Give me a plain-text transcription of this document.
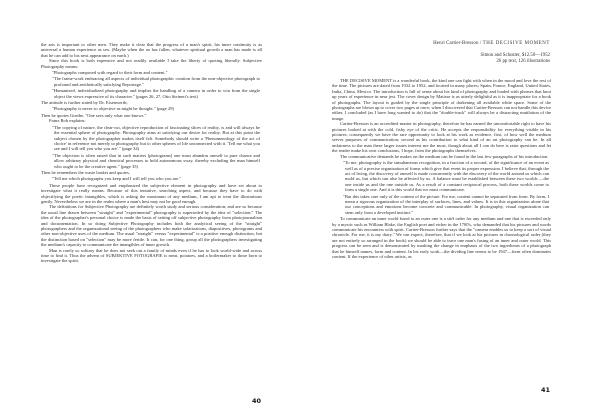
the arts is important to other men. They make it clear that the progress of a man's spirit, his inner continuity is as universal a human experience as sex. (Maybe when the ax has fallen, whatever spiritual growth a man has made is all that he can add to his next appearance on earth.)

Since this book is both expensive and not readily available I take the liberty of quoting liberally. Subjective Photography means:

"Photographs composed with regard to their form and content."

"The frame-work embracing all aspects of individual photographic creation from the non-objective photograph to profound and aesthetically satisfying Reportage."

"Humanized, individualized photography and implies the handling of a camera in order to win from the single object the views expressive of its character." (pages 26, 27, Otto Steinert's text)

The attitude is further stated by Dr. Eisenwerth;

"Photography is never so objective as might be thought." (page 29)

Then he quotes Goethe, "One sees only what one knows."

Franz Roh explains:

"The copying of nature, the clear-cut, objective reproduction of fascinating slices of reality, is and will always be the essential sphere of photography. Photography aims at satisfying our desire for reality. But at this point the subject chosen by the photographer makes itself felt. Somebody should write a 'Phenomenology of the act of choice' in reference not merely to photography but to other spheres of life unconnected with it. 'Tell me what you see and I will tell you who you are'." (page 34)

"The objection is often raised that in such matters [photograms] one must abandon oneself to pure chance and allow arbitrary physical and chemical processes to hold autonomous sway, thereby excluding the man himself who ought to be the creative agent." (page 35)

Then he remembers the waste basket and quotes,

"Tell me which photographs you keep and I will tell you who you are."

These people have recognized and emphasized the subjective element in photography and have set about to investigate what it really means. Because of this tentative, searching aspect, and because they have to do with objectifying the poetic intangibles, which is asking the maximum of any medium, I am apt to treat the illustrations gently. Nevertheless we are in the realm where a man's best may not be good enough.

The definitions for Subjective Photography are definitely worth study and serious consideration; and are so because the usual line drawn between "straight" and "experimental" photography is superseded by the idea of "selection." The idea of the photographer's personal choice is made the basis of setting off subjective photography from photojournalism and documentation. In so doing Subjective Photography includes both the analytical seeing of the "straight" photographers and the organizational seeing of the photographers who make solarizations, diapositives, photograms and other non-objective uses of the medium. The usual "straight" versus "experimental" is a positive enough distinction, but the distinction based on "selection" may be more fertile. It can, for one thing, group all the photographers investigating the medium's capacity to communicate the intangibles of inner growth.

Man is rarely so solitary that he does not seek out a family of minds even if he has to look world-wide and across time to find it. Thus the advent of SUBJEKTIVE FOTOGRAFIE is meat, potatoes, and a boilermaker to those born to investigate the spirit.

40
Henri Cartier-Bresson / THE DECISIVE MOMENT
Simon and Schuster, $12.50—1952
26 pp text, 126 illustrations

THE DECISIVE MOMENT is a wonderful book, the kind one can fight with when in the mood and love the rest of the time. The pictures are dated from 1932 to 1952, and located in many places; Spain, France, England, United States, India, China, Mexico. The introduction is full of sense about his kind of photography and loaded with phrases that knot up years of experience in near jest. The cover design by Matisse is as utterly delightful as it is inappropriate for a book of photographs. The layout is guided by the single principle of darkening all available white space. Some of the photographs are blown up to cover two pages at once; when I discovered that Cartier-Bresson can not handle this device either, I concluded (as I have long wanted to do) that the "double-truck" will always be a distracting mutilation of the image.

Cartier-Bresson is an accredited master in photography, therefore he has earned the uncomfortable right to have his pictures looked at with the cold, fishy eye of the critic. He accepts the responsibility for everything visible in his pictures; consequently we have the rare opportunity to look at his work as evidence, first, of how well the medium serves purposes of communication; second as his contribution to what kind of an art photography can be. In all unfairness to the man these larger issues interest me the most, though about all I can do here is raise questions and let the reader make his own conclusions, I hope, from the photographs themselves.

The communicative demands he makes on the medium can be found in the last few paragraphs of his introduction.

"To me, photography is the simultaneous recognition, in a fraction of a second, of the significance of an event as well as of a precise organization of forms which give that event its proper expression. I believe that, through the act of living, the discovery of oneself is made concurrently with the discovery of the world around us which can mold us, but which can also be affected by us. A balance must be established between these two worlds —the one inside us and the one outside us. As a result of a constant reciprocal process, both these worlds come to form a single one. And it is this world that we must communicate.

"But this takes care only of the content of the picture. For me, content cannot be separated from form. By form, I mean a rigorous organization of the interplay of surfaces, lines, and values. It is in this organization alone that our conceptions and emotions become concrete and communicable. In photography, visual organization can stem only from a developed instinct."

To communicate an inner world fused to an outer one is a stiff order for any medium and one that is exceeded only by a mystic such as William Blake, the English poet and etcher in the 1700's, who demanded that his pictures and words communicate his encounters with spirit. Cartier-Bresson further says that the "camera enables us to keep a sort of visual chronicle. For me, it is my diary." We can expect, therefore, that if we look at his pictures in chronological order (they are not entirely so arranged in the book) we should be able to trace one man's fusing of an inner and outer world. This progress can be seen and is demonstrated by marking the change in emphasis of the two ingredients of a photograph that he himself names, form and content. In his early work—the dividing line seems to be 1947—form often dominates content. If the experience of other artists, as

41
